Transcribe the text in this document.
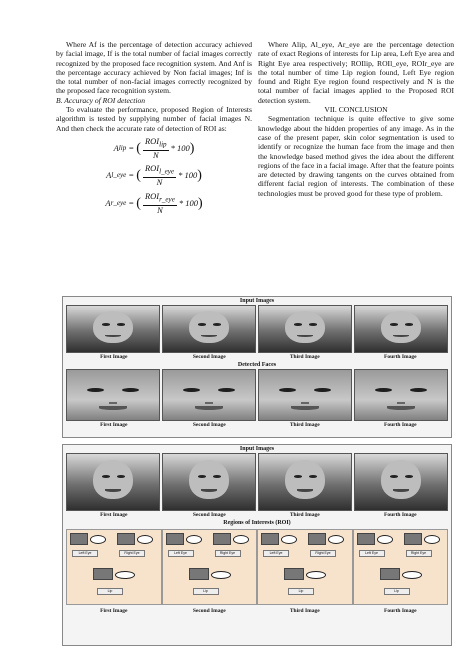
Where Af is the percentage of detection accuracy achieved by facial image, If is the total number of facial images correctly recognized by the proposed face recognition system. And Anf is the percentage accuracy achieved by Non facial images; Inf is the total number of non-facial images correctly recognized by the proposed face recognition system.

B. Accuracy of ROI detection

To evaluate the performance, proposed Region of Interests algorithm is tested by supplying number of facial images N. And then check the accurate rate of detection of ROI as:

A lip = ( $\frac{ROI_{lip}}{N} * 100$ )
A l_eye = ( $\frac{ROI_{l\_eye}}{N} * 100$ )
A r_eye = ( $\frac{ROI_{r\_eye}}{N} * 100$ )

Where Alip, Al_eye, Ar_eye are the percentage detection rate of exact Regions of interests for Lip area, Left Eye area and Right Eye area respectively; ROIlip, ROIl_eye, ROIr_eye are the total number of time Lip region found, Left Eye region found and Right Eye region found respectively and N is the total number of facial images applied to the Proposed ROI detection system.

VII. CONCLUSION

Segmentation technique is quite effective to give some knowledge about the hidden properties of any image. As in the case of the present paper, skin color segmentation is used to identify or recognize the human face from the image and then the knowledge based method gives the idea about the different regions of the face in a facial image. After that the feature points are detected by drawing tangents on the curves obtained from different facial region of interests. The combination of these technologies must be proved good for these type of problem.

Input Images
First Image	Second Image	Third Image	Fourth Image
Detected Faces
First Image	Second Image	Third Image	Fourth Image
Input Images
First Image	Second Image	Third Image	Fourth Image
Regions of Interests (ROI)
Left Eye	Right Eye
Lip
Left Eye	Right Eye
Lip
Left Eye	Right Eye
Lip
Left Eye	Right Eye
Lip
First Image	Second Image	Third Image	Fourth Image
